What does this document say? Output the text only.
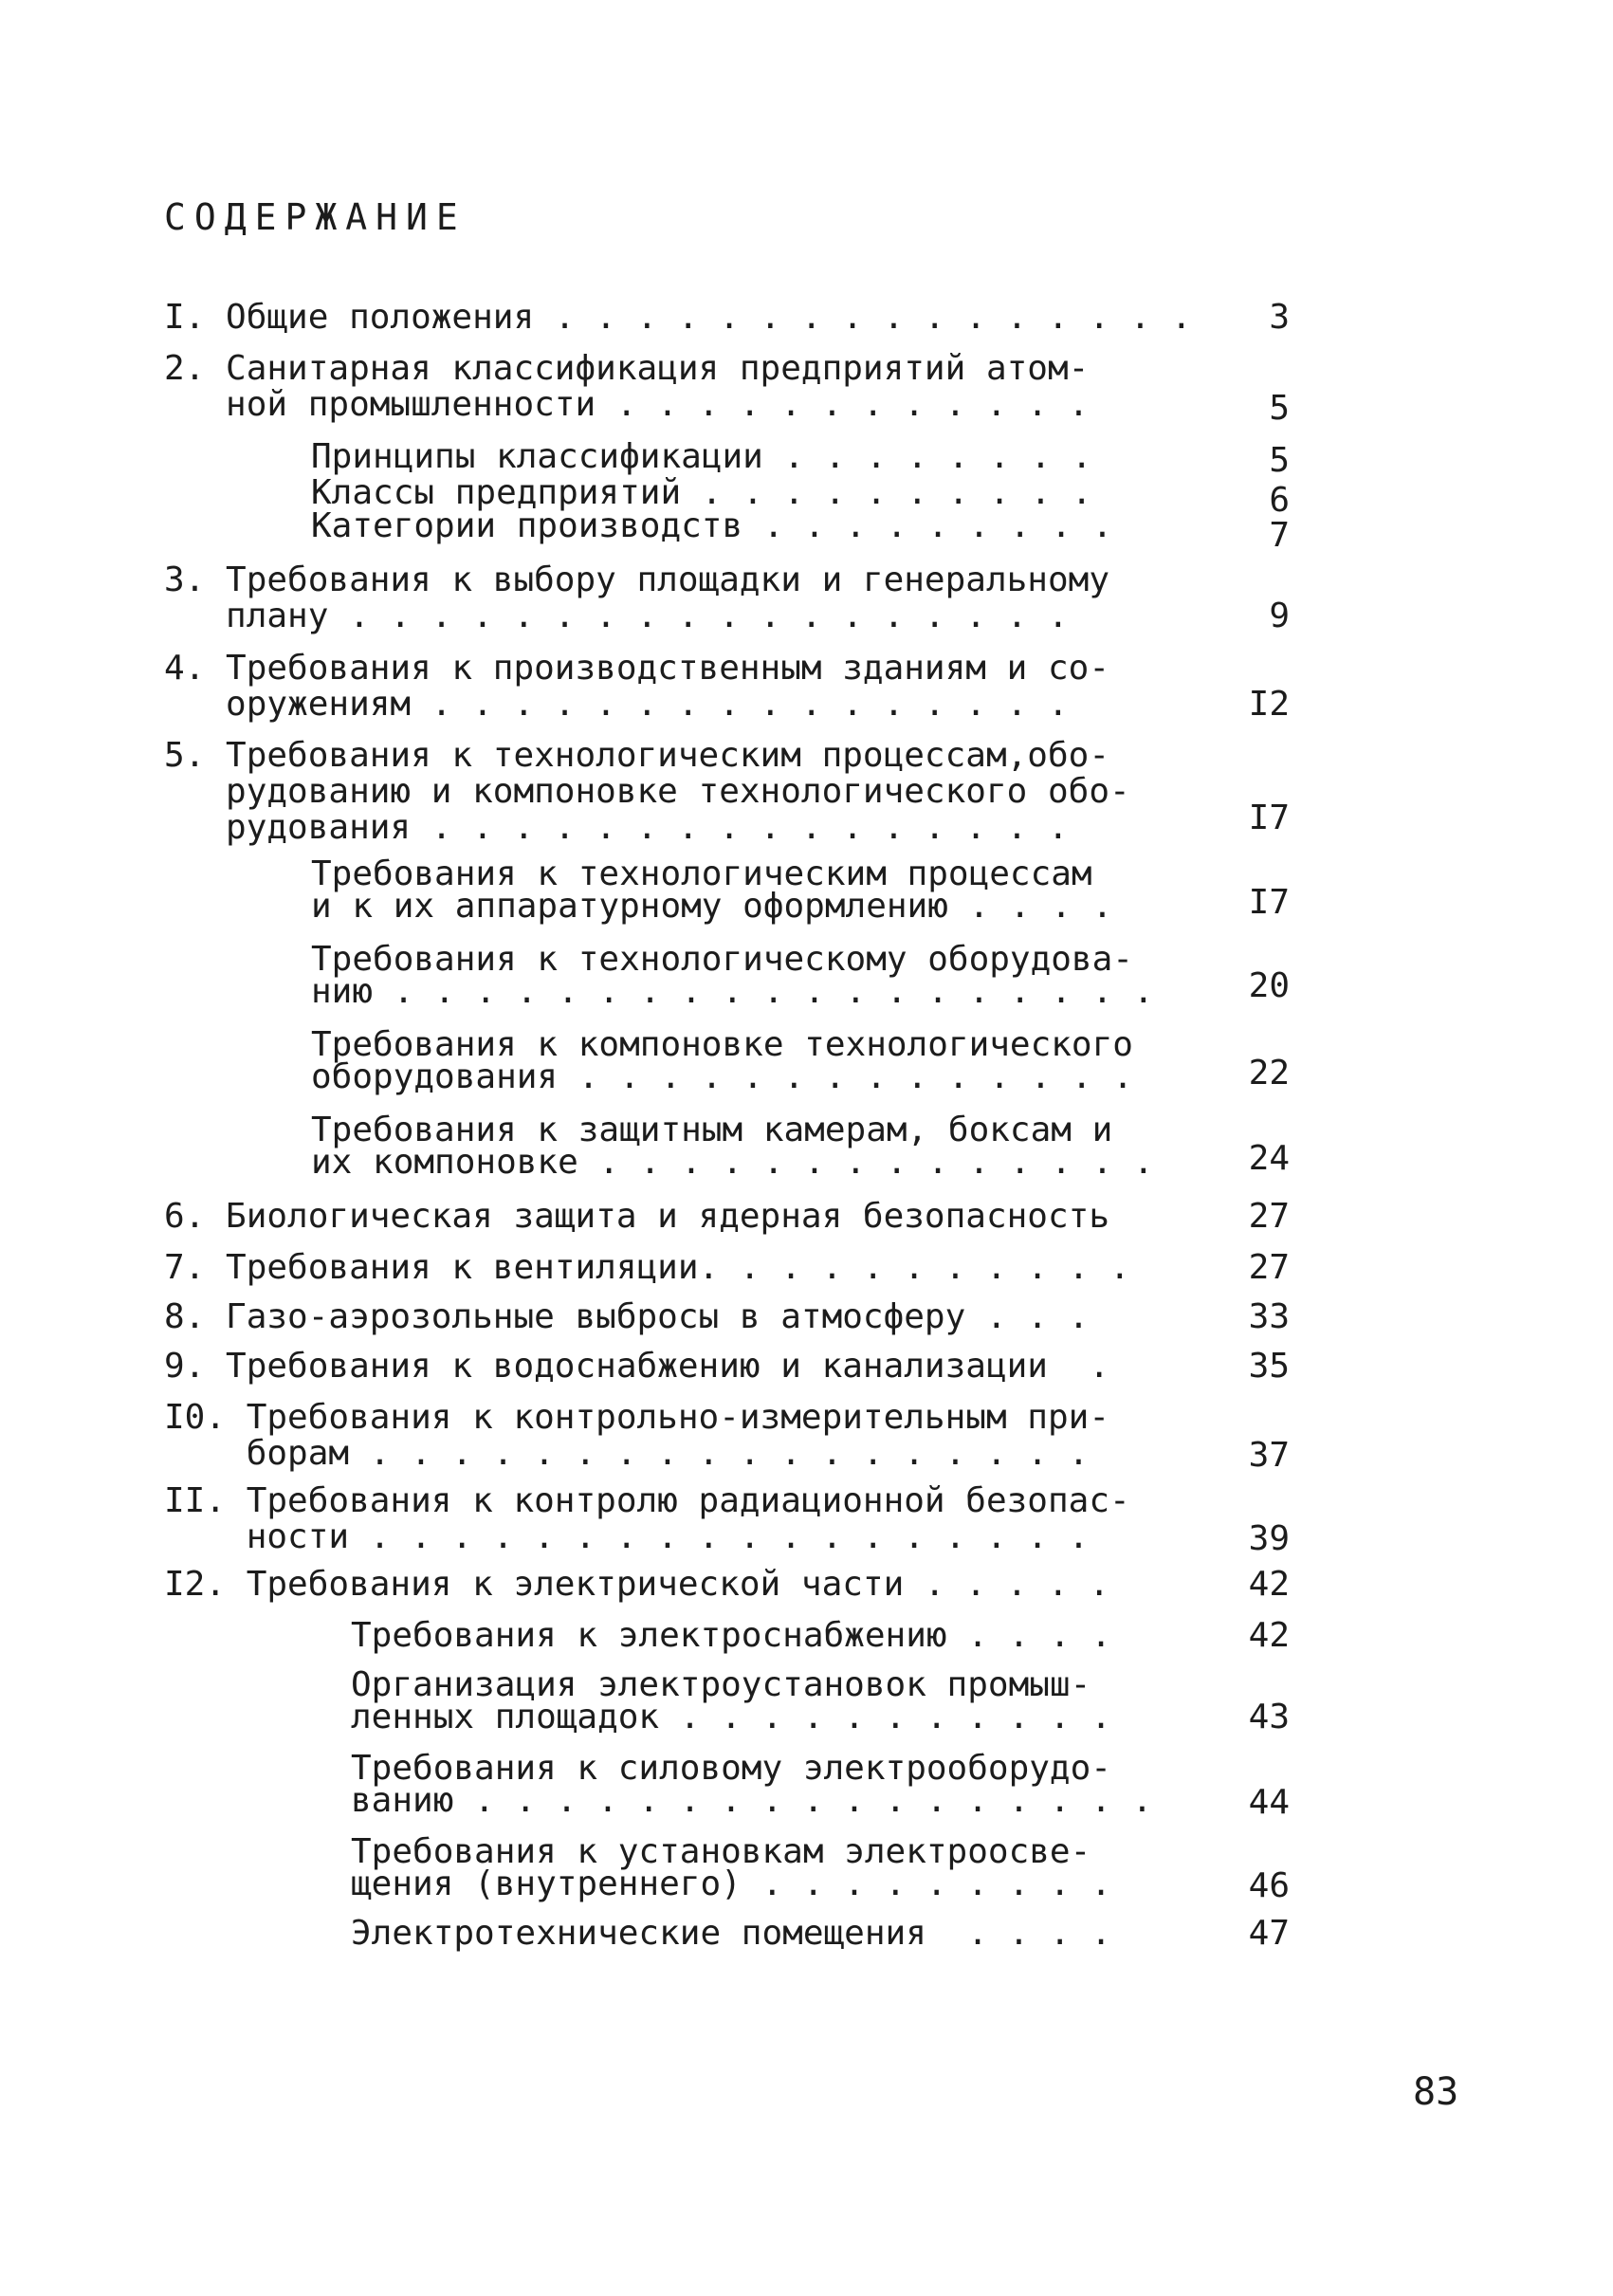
СОДЕРЖАНИЕ
I. Общие положения . . . . . . . . . . . . . . . .	3
2. Санитарная классификация предприятий атом-
ной промышленности . . . . . . . . . . . .	5
Принципы классификации . . . . . . . .	5
Классы предприятий . . . . . . . . . .	6
Категории производств . . . . . . . . .	7
3. Требования к выбору площадки и генеральному
плану . . . . . . . . . . . . . . . . . .	9
4. Требования к производственным зданиям и со-
оружениям . . . . . . . . . . . . . . . .	I2
5. Требования к технологическим процессам,обо-
рудованию и компоновке технологического обо-
рудования . . . . . . . . . . . . . . . .	I7
Требования к технологическим процессам
и к их аппаратурному оформлению . . . .	I7
Требования к технологическому оборудова-
нию . . . . . . . . . . . . . . . . . . .	20
Требования к компоновке технологического
оборудования . . . . . . . . . . . . . .	22
Требования к защитным камерам, боксам и
их компоновке . . . . . . . . . . . . . .	24
6. Биологическая защита и ядерная безопасность	27
7. Требования к вентиляции. . . . . . . . . . .	27
8. Газо-аэрозольные выбросы в атмосферу . . .	33
9. Требования к водоснабжению и канализации  .	35
I0. Требования к контрольно-измерительным при-
борам . . . . . . . . . . . . . . . . . .	37
II. Требования к контролю радиационной безопас-
ности . . . . . . . . . . . . . . . . . .	39
I2. Требования к электрической части . . . . .	42
Требования к электроснабжению . . . .	42
Организация электроустановок промыш-
ленных площадок . . . . . . . . . . .	43
Требования к силовому электрооборудо-
ванию . . . . . . . . . . . . . . . . .	44
Требования к установкам электроосве-
щения (внутреннего) . . . . . . . . .	46
Электротехнические помещения  . . . .	47
83
